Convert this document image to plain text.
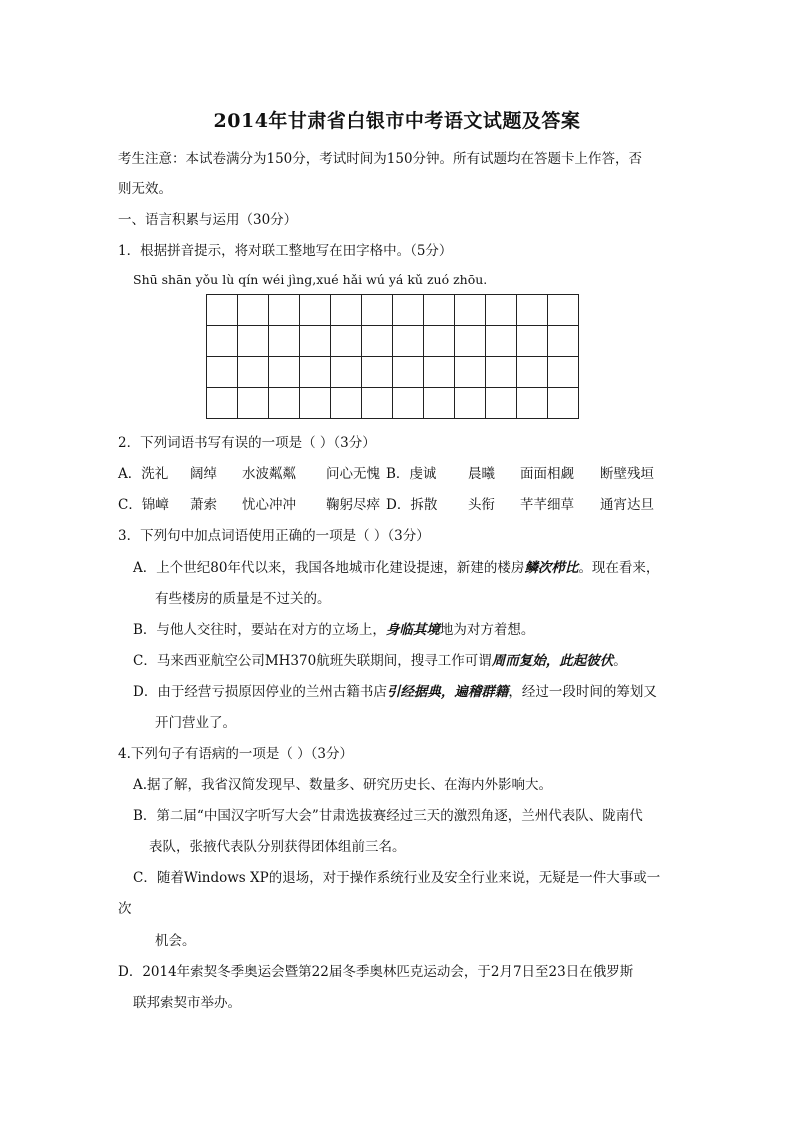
2014年甘肃省白银市中考语文试题及答案
考生注意：本试卷满分为150分，考试时间为150分钟。所有试题均在答题卡上作答，否
则无效。
一、语言积累与运用（30分）
1．根据拼音提示，将对联工整地写在田字格中。（5分）
Shū shān yǒu lù qín wéi jìng,xué hǎi wú yá kǔ zuó zhōu.

2．下列词语书写有误的一项是（ ）（3分）
A．洗礼 阔绰 水波粼粼 问心无愧 B．虔诚 晨曦 面面相觑 断壁残垣
C．锦嶂 萧索 忧心冲冲 鞠躬尽瘁 D．拆散 头衔 芊芊细草 通宵达旦
3．下列句中加点词语使用正确的一项是（ ）（3分）
A．上个世纪80年代以来，我国各地城市化建设提速，新建的楼房鳞次栉比。现在看来，
有些楼房的质量是不过关的。
B．与他人交往时，要站在对方的立场上，身临其境地为对方着想。
C．马来西亚航空公司MH370航班失联期间，搜寻工作可谓周而复始，此起彼伏。
D．由于经营亏损原因停业的兰州古籍书店引经据典，遍稽群籍，经过一段时间的筹划又
开门营业了。
4.下列句子有语病的一项是（ ）（3分）
A.据了解，我省汉简发现早、数量多、研究历史长、在海内外影响大。
B．第二届“中国汉字听写大会”甘肃选拔赛经过三天的激烈角逐，兰州代表队、陇南代
表队，张掖代表队分别获得团体组前三名。
C．随着Windows XP的退场，对于操作系统行业及安全行业来说，无疑是一件大事或一
次
机会。
D．2014年索契冬季奥运会暨第22届冬季奥林匹克运动会，于2月7日至23日在俄罗斯
联邦索契市举办。
